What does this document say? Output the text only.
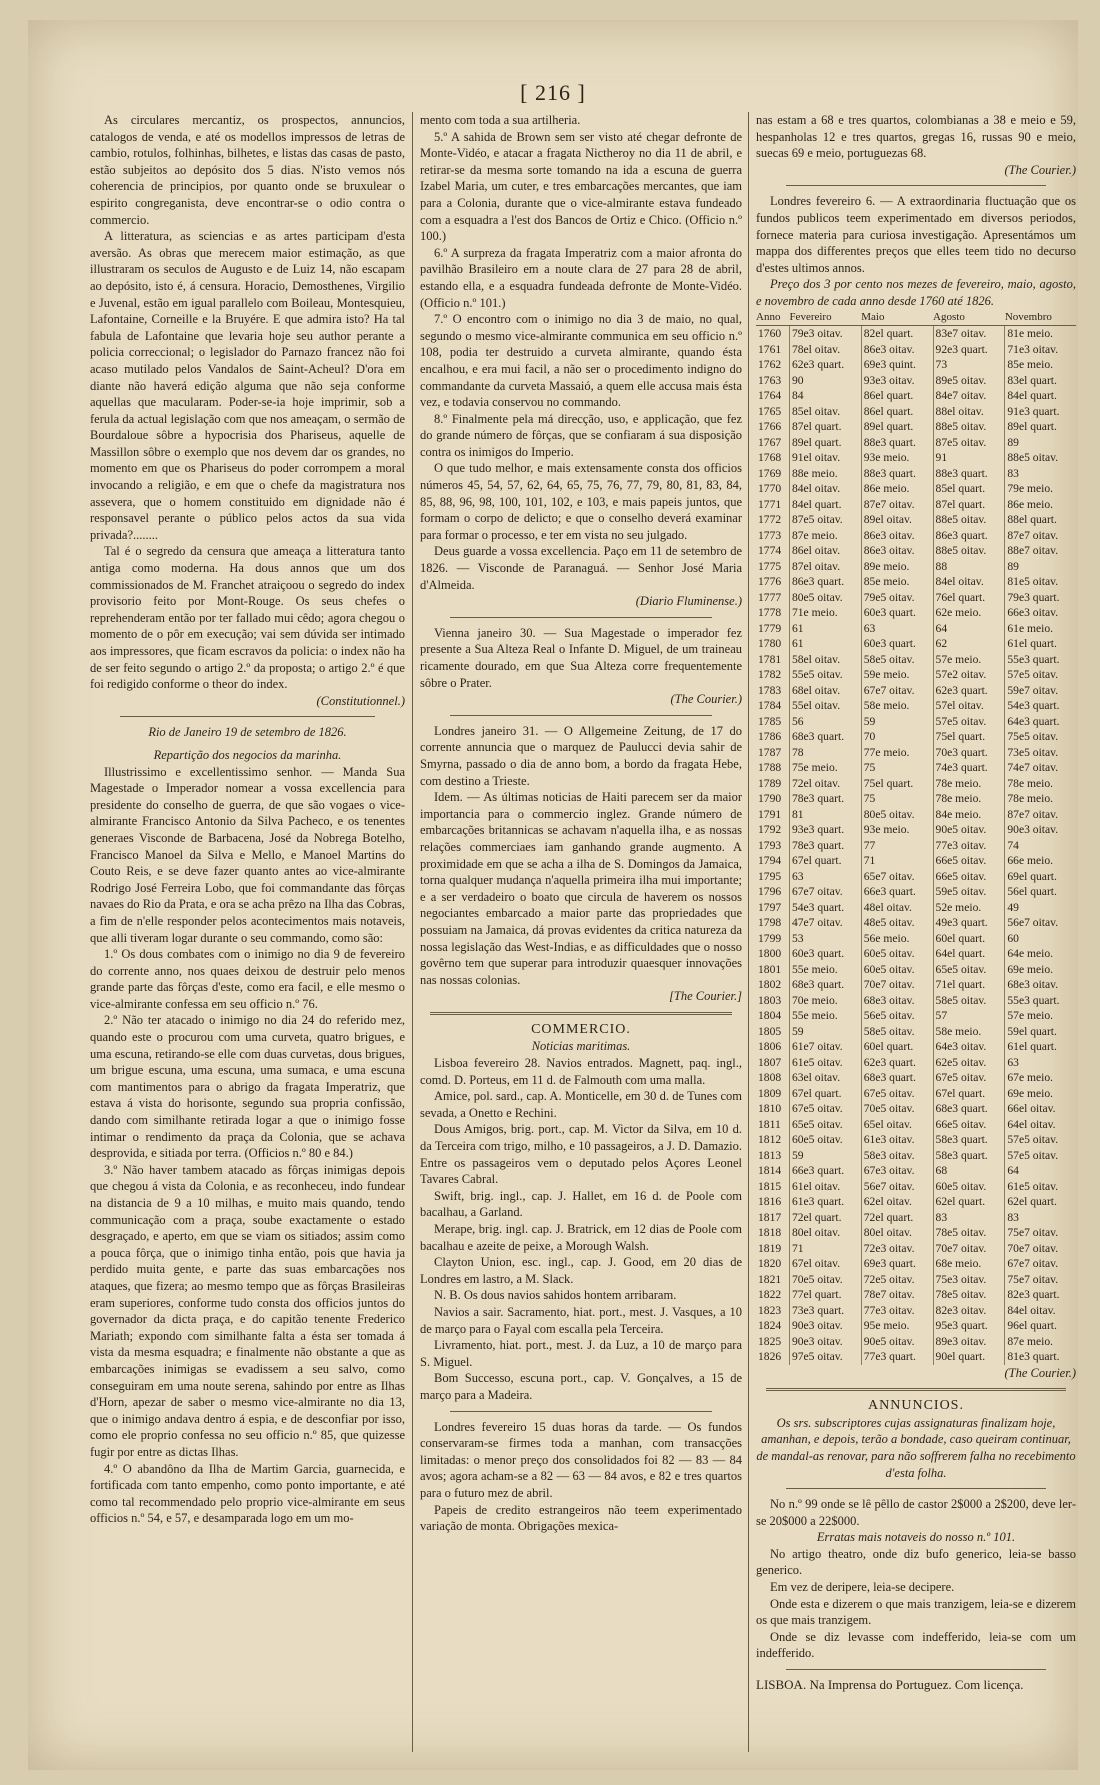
[ 216 ]

As circulares mercantiz, os prospectos, annuncios, catalogos de venda, e até os modellos impressos de letras de cambio, rotulos, folhinhas, bilhetes, e listas das casas de pasto, estão subjeitos ao depósito dos 5 dias. N'isto vemos nós coherencia de principios, por quanto onde se bruxulear o espirito congreganista, deve encontrar-se o odio contra o commercio.

A litteratura, as sciencias e as artes participam d'esta aversão. As obras que merecem maior estimação, as que illustraram os seculos de Augusto e de Luiz 14, não escapam ao depósito, isto é, á censura. Horacio, Demosthenes, Virgilio e Juvenal, estão em igual parallelo com Boileau, Montesquieu, Lafontaine, Corneille e la Bruyére. E que admira isto? Ha tal fabula de Lafontaine que levaria hoje seu author perante a policia correccional; o legislador do Parnazo francez não foi acaso mutilado pelos Vandalos de Saint-Acheul? D'ora em diante não haverá edição alguma que não seja conforme aquellas que macularam. Poder-se-ia hoje imprimir, sob a ferula da actual legislação com que nos ameaçam, o sermão de Bourdaloue sôbre a hypocrisia dos Phariseus, aquelle de Massillon sôbre o exemplo que nos devem dar os grandes, no momento em que os Phariseus do poder corrompem a moral invocando a religião, e em que o chefe da magistratura nos assevera, que o homem constituido em dignidade não é responsavel perante o público pelos actos da sua vida privada?........

Tal é o segredo da censura que ameaça a litteratura tanto antiga como moderna. Ha dous annos que um dos commissionados de M. Franchet atraiçoou o segredo do index provisorio feito por Mont-Rouge. Os seus chefes o reprehenderam então por ter fallado mui cêdo; agora chegou o momento de o pôr em execução; vai sem dúvida ser intimado aos impressores, que ficam escravos da policia: o index não ha de ser feito segundo o artigo 2.º da proposta; o artigo 2.º é que foi redigido conforme o theor do index.

(Constitutionnel.)

Rio de Janeiro 19 de setembro de 1826.

Repartição dos negocios da marinha.

Illustrissimo e excellentissimo senhor. — Manda Sua Magestade o Imperador nomear a vossa excellencia para presidente do conselho de guerra, de que são vogaes o vice-almirante Francisco Antonio da Silva Pacheco, e os tenentes generaes Visconde de Barbacena, José da Nobrega Botelho, Francisco Manoel da Silva e Mello, e Manoel Martins do Couto Reis, e se deve fazer quanto antes ao vice-almirante Rodrigo José Ferreira Lobo, que foi commandante das fôrças navaes do Rio da Prata, e ora se acha prêzo na Ilha das Cobras, a fim de n'elle responder pelos acontecimentos mais notaveis, que alli tiveram logar durante o seu commando, como são:

1.º Os dous combates com o inimigo no dia 9 de fevereiro do corrente anno, nos quaes deixou de destruir pelo menos grande parte das fôrças d'este, como era facil, e elle mesmo o vice-almirante confessa em seu officio n.º 76.

2.º Não ter atacado o inimigo no dia 24 do referido mez, quando este o procurou com uma curveta, quatro brigues, e uma escuna, retirando-se elle com duas curvetas, dous brigues, um brigue escuna, uma escuna, uma sumaca, e uma escuna com mantimentos para o abrigo da fragata Imperatriz, que estava á vista do horisonte, segundo sua propria confissão, dando com similhante retirada logar a que o inimigo fosse intimar o rendimento da praça da Colonia, que se achava desprovida, e sitiada por terra. (Officios n.º 80 e 84.)

3.º Não haver tambem atacado as fôrças inimigas depois que chegou á vista da Colonia, e as reconheceu, indo fundear na distancia de 9 a 10 milhas, e muito mais quando, tendo communicação com a praça, soube exactamente o estado desgraçado, e aperto, em que se viam os sitiados; assim como a pouca fôrça, que o inimigo tinha então, pois que havia ja perdido muita gente, e parte das suas embarcações nos ataques, que fizera; ao mesmo tempo que as fôrças Brasileiras eram superiores, conforme tudo consta dos officios juntos do governador da dicta praça, e do capitão tenente Frederico Mariath; expondo com similhante falta a ésta ser tomada á vista da mesma esquadra; e finalmente não obstante a que as embarcações inimigas se evadissem a seu salvo, como conseguiram em uma noute serena, sahindo por entre as Ilhas d'Horn, apezar de saber o mesmo vice-almirante no dia 13, que o inimigo andava dentro á espia, e de desconfiar por isso, como ele proprio confessa no seu officio n.º 85, que quizesse fugir por entre as dictas Ilhas.

4.º O abandôno da Ilha de Martim Garcia, guarnecida, e fortificada com tanto empenho, como ponto importante, e até como tal recommendado pelo proprio vice-almirante em seus officios n.º 54, e 57, e desamparada logo em um mo-

mento com toda a sua artilheria.

5.º A sahida de Brown sem ser visto até chegar defronte de Monte-Vidéo, e atacar a fragata Nictheroy no dia 11 de abril, e retirar-se da mesma sorte tomando na ida a escuna de guerra Izabel Maria, um cuter, e tres embarcações mercantes, que iam para a Colonia, durante que o vice-almirante estava fundeado com a esquadra a l'est dos Bancos de Ortiz e Chico. (Officio n.º 100.)

6.º A surpreza da fragata Imperatriz com a maior afronta do pavilhão Brasileiro em a noute clara de 27 para 28 de abril, estando ella, e a esquadra fundeada defronte de Monte-Vidéo. (Officio n.º 101.)

7.º O encontro com o inimigo no dia 3 de maio, no qual, segundo o mesmo vice-almirante communica em seu officio n.º 108, podia ter destruido a curveta almirante, quando ésta encalhou, e era mui facil, a não ser o procedimento indigno do commandante da curveta Massaió, a quem elle accusa mais ésta vez, e todavia conservou no commando.

8.º Finalmente pela má direcção, uso, e applicação, que fez do grande número de fôrças, que se confiaram á sua disposição contra os inimigos do Imperio.

O que tudo melhor, e mais extensamente consta dos officios números 45, 54, 57, 62, 64, 65, 75, 76, 77, 79, 80, 81, 83, 84, 85, 88, 96, 98, 100, 101, 102, e 103, e mais papeis juntos, que formam o corpo de delicto; e que o conselho deverá examinar para formar o processo, e ter em vista no seu julgado.

Deus guarde a vossa excellencia. Paço em 11 de setembro de 1826. — Visconde de Paranaguá. — Senhor José Maria d'Almeida.

(Diario Fluminense.)

Vienna janeiro 30. — Sua Magestade o imperador fez presente a Sua Alteza Real o Infante D. Miguel, de um traineau ricamente dourado, em que Sua Alteza corre frequentemente sôbre o Prater.

(The Courier.)

Londres janeiro 31. — O Allgemeine Zeitung, de 17 do corrente annuncia que o marquez de Paulucci devia sahir de Smyrna, passado o dia de anno bom, a bordo da fragata Hebe, com destino a Trieste.

Idem. — As últimas noticias de Haiti parecem ser da maior importancia para o commercio inglez. Grande número de embarcações britannicas se achavam n'aquella ilha, e as nossas relações commerciaes iam ganhando grande augmento. A proximidade em que se acha a ilha de S. Domingos da Jamaica, torna qualquer mudança n'aquella primeira ilha mui importante; e a ser verdadeiro o boato que circula de haverem os nossos negociantes embarcado a maior parte das propriedades que possuiam na Jamaica, dá provas evidentes da critica natureza da nossa legislação das West-Indias, e as difficuldades que o nosso govêrno tem que superar para introduzir quaesquer innovações nas nossas colonias.

[The Courier.]
COMMERCIO.

Noticias maritimas.

Lisboa fevereiro 28. Navios entrados. Magnett, paq. ingl., comd. D. Porteus, em 11 d. de Falmouth com uma malla.

Amice, pol. sard., cap. A. Monticelle, em 30 d. de Tunes com sevada, a Onetto e Rechini.

Dous Amigos, brig. port., cap. M. Victor da Silva, em 10 d. da Terceira com trigo, milho, e 10 passageiros, a J. D. Damazio. Entre os passageiros vem o deputado pelos Açores Leonel Tavares Cabral.

Swift, brig. ingl., cap. J. Hallet, em 16 d. de Poole com bacalhau, a Garland.

Merape, brig. ingl. cap. J. Bratrick, em 12 dias de Poole com bacalhau e azeite de peixe, a Morough Walsh.

Clayton Union, esc. ingl., cap. J. Good, em 20 dias de Londres em lastro, a M. Slack.

N. B. Os dous navios sahidos hontem arribaram.

Navios a sair. Sacramento, hiat. port., mest. J. Vasques, a 10 de março para o Fayal com escalla pela Terceira.

Livramento, hiat. port., mest. J. da Luz, a 10 de março para S. Miguel.

Bom Successo, escuna port., cap. V. Gonçalves, a 15 de março para a Madeira.

Londres fevereiro 15 duas horas da tarde. — Os fundos conservaram-se firmes toda a manhan, com transacções limitadas: o menor preço dos consolidados foi 82 — 83 — 84 avos; agora acham-se a 82 — 63 — 84 avos, e 82 e tres quartos para o futuro mez de abril.

Papeis de credito estrangeiros não teem experimentado variação de monta. Obrigações mexica-

nas estam a 68 e tres quartos, colombianas a 38 e meio e 59, hespanholas 12 e tres quartos, gregas 16, russas 90 e meio, suecas 69 e meio, portuguezas 68.

(The Courier.)

Londres fevereiro 6. — A extraordinaria fluctuação que os fundos publicos teem experimentado em diversos periodos, fornece materia para curiosa investigação. Apresentámos um mappa dos differentes preços que elles teem tido no decurso d'estes ultimos annos.

Preço dos 3 por cento nos mezes de fevereiro, maio, agosto, e novembro de cada anno desde 1760 até 1826.

Anno	Fevereiro	Maio	Agosto	Novembro
1760	79e3 oitav.	82el quart.	83e7 oitav.	81e meio.
1761	78el oitav.	86e3 oitav.	92e3 quart.	71e3 oitav.
1762	62e3 quart.	69e3 quint.	73	85e meio.
1763	90	93e3 oitav.	89e5 oitav.	83el quart.
1764	84	86el quart.	84e7 oitav.	84el quart.
1765	85el oitav.	86el quart.	88el oitav.	91e3 quart.
1766	87el quart.	89el quart.	88e5 oitav.	89el quart.
1767	89el quart.	88e3 quart.	87e5 oitav.	89
1768	91el oitav.	93e meio.	91	88e5 oitav.
1769	88e meio.	88e3 quart.	88e3 quart.	83
1770	84el oitav.	86e meio.	85el quart.	79e meio.
1771	84el quart.	87e7 oitav.	87el quart.	86e meio.
1772	87e5 oitav.	89el oitav.	88e5 oitav.	88el quart.
1773	87e meio.	86e3 oitav.	86e3 quart.	87e7 oitav.
1774	86el oitav.	86e3 oitav.	88e5 oitav.	88e7 oitav.
1775	87el oitav.	89e meio.	88	89
1776	86e3 quart.	85e meio.	84el oitav.	81e5 oitav.
1777	80e5 oitav.	79e5 oitav.	76el quart.	79e3 quart.
1778	71e meio.	60e3 quart.	62e meio.	66e3 oitav.
1779	61	63	64	61e meio.
1780	61	60e3 quart.	62	61el quart.
1781	58el oitav.	58e5 oitav.	57e meio.	55e3 quart.
1782	55e5 oitav.	59e meio.	57e2 oitav.	57e5 oitav.
1783	68el oitav.	67e7 oitav.	62e3 quart.	59e7 oitav.
1784	55el oitav.	58e meio.	57el oitav.	54e3 quart.
1785	56	59	57e5 oitav.	64e3 quart.
1786	68e3 quart.	70	75el quart.	75e5 oitav.
1787	78	77e meio.	70e3 quart.	73e5 oitav.
1788	75e meio.	75	74e3 quart.	74e7 oitav.
1789	72el oitav.	75el quart.	78e meio.	78e meio.
1790	78e3 quart.	75	78e meio.	78e meio.
1791	81	80e5 oitav.	84e meio.	87e7 oitav.
1792	93e3 quart.	93e meio.	90e5 oitav.	90e3 oitav.
1793	78e3 quart.	77	77e3 oitav.	74
1794	67el quart.	71	66e5 oitav.	66e meio.
1795	63	65e7 oitav.	66e5 oitav.	69el quart.
1796	67e7 oitav.	66e3 quart.	59e5 oitav.	56el quart.
1797	54e3 quart.	48el oitav.	52e meio.	49
1798	47e7 oitav.	48e5 oitav.	49e3 quart.	56e7 oitav.
1799	53	56e meio.	60el quart.	60
1800	60e3 quart.	60e5 oitav.	64el quart.	64e meio.
1801	55e meio.	60e5 oitav.	65e5 oitav.	69e meio.
1802	68e3 quart.	70e7 oitav.	71el quart.	68e3 oitav.
1803	70e meio.	68e3 oitav.	58e5 oitav.	55e3 quart.
1804	55e meio.	56e5 oitav.	57	57e meio.
1805	59	58e5 oitav.	58e meio.	59el quart.
1806	61e7 oitav.	60el quart.	64e3 oitav.	61el quart.
1807	61e5 oitav.	62e3 quart.	62e5 oitav.	63
1808	63el oitav.	68e3 quart.	67e5 oitav.	67e meio.
1809	67el quart.	67e5 oitav.	67el quart.	69e meio.
1810	67e5 oitav.	70e5 oitav.	68e3 quart.	66el oitav.
1811	65e5 oitav.	65el oitav.	66e5 oitav.	64el oitav.
1812	60e5 oitav.	61e3 oitav.	58e3 quart.	57e5 oitav.
1813	59	58e3 oitav.	58e3 quart.	57e5 oitav.
1814	66e3 quart.	67e3 oitav.	68	64
1815	61el oitav.	56e7 oitav.	60e5 oitav.	61e5 oitav.
1816	61e3 quart.	62el oitav.	62el quart.	62el quart.
1817	72el quart.	72el quart.	83	83
1818	80el oitav.	80el oitav.	78e5 oitav.	75e7 oitav.
1819	71	72e3 oitav.	70e7 oitav.	70e7 oitav.
1820	67el oitav.	69e3 quart.	68e meio.	67e7 oitav.
1821	70e5 oitav.	72e5 oitav.	75e3 oitav.	75e7 oitav.
1822	77el quart.	78e7 oitav.	78e5 oitav.	82e3 quart.
1823	73e3 quart.	77e3 oitav.	82e3 oitav.	84el oitav.
1824	90e3 oitav.	95e meio.	95e3 quart.	96el quart.
1825	90e3 oitav.	90e5 oitav.	89e3 oitav.	87e meio.
1826	97e5 oitav.	77e3 quart.	90el quart.	81e3 quart.
(The Courier.)
ANNUNCIOS.

Os srs. subscriptores cujas assignaturas finalizam hoje, amanhan, e depois, terão a bondade, caso queiram continuar, de mandal-as renovar, para não soffrerem falha no recebimento d'esta folha.

No n.º 99 onde se lê pêllo de castor 2$000 a 2$200, deve ler-se 20$000 a 22$000.

Erratas mais notaveis do nosso n.º 101.

No artigo theatro, onde diz bufo generico, leia-se basso generico.

Em vez de deripere, leia-se decipere.

Onde esta e dizerem o que mais tranzigem, leia-se e dizerem os que mais tranzigem.

Onde se diz levasse com indefferido, leia-se com um indefferido.

LISBOA. Na Imprensa do Portuguez. Com licença.
